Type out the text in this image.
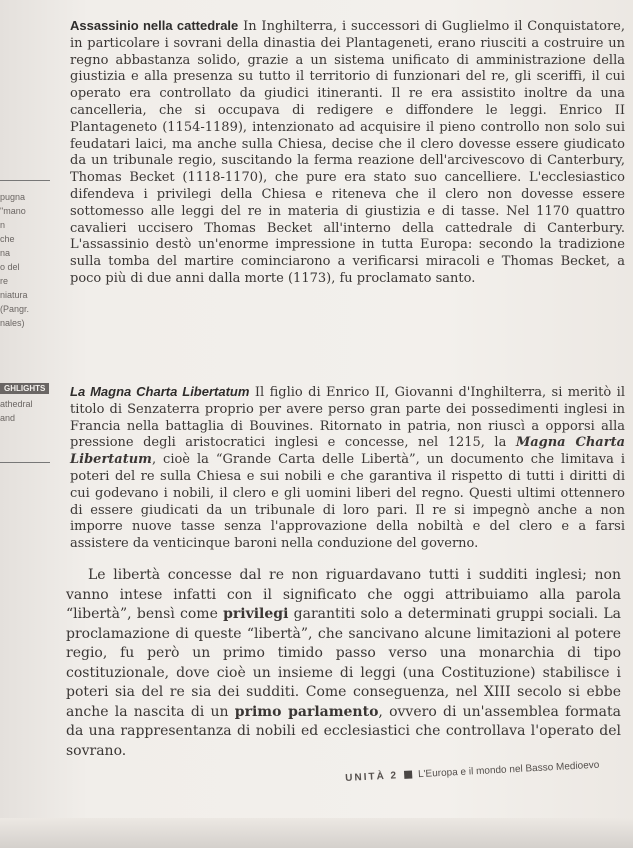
pugna
"mano
n
che
na
o del
re
niatura
(Pangr.
nales)
GHLIGHTS
athedral
and

Assassinio nella cattedrale In Inghilterra, i successori di Guglielmo il Conquistatore, in particolare i sovrani della dinastia dei Plantageneti, erano riusciti a costruire un regno abbastanza solido, grazie a un sistema unificato di amministrazione della giustizia e alla presenza su tutto il territorio di funzionari del re, gli sceriffi, il cui operato era controllato da giudici itineranti. Il re era assistito inoltre da una cancelleria, che si occupava di redigere e diffondere le leggi. Enrico II Plantageneto (1154-1189), intenzionato ad acquisire il pieno controllo non solo sui feudatari laici, ma anche sulla Chiesa, decise che il clero dovesse essere giudicato da un tribunale regio, suscitando la ferma reazione dell'arcivescovo di Canterbury, Thomas Becket (1118-1170), che pure era stato suo cancelliere. L'ecclesiastico difendeva i privilegi della Chiesa e riteneva che il clero non dovesse essere sottomesso alle leggi del re in materia di giustizia e di tasse. Nel 1170 quattro cavalieri uccisero Thomas Becket all'interno della cattedrale di Canterbury. L'assassinio destò un'enorme impressione in tutta Europa: secondo la tradizione sulla tomba del martire cominciarono a verificarsi miracoli e Thomas Becket, a poco più di due anni dalla morte (1173), fu proclamato santo.

La Magna Charta Libertatum Il figlio di Enrico II, Giovanni d'Inghilterra, si meritò il titolo di Senzaterra proprio per avere perso gran parte dei possedimenti inglesi in Francia nella battaglia di Bouvines. Ritornato in patria, non riuscì a opporsi alla pressione degli aristocratici inglesi e concesse, nel 1215, la Magna Charta Libertatum, cioè la “Grande Carta delle Libertà”, un documento che limitava i poteri del re sulla Chiesa e sui nobili e che garantiva il rispetto di tutti i diritti di cui godevano i nobili, il clero e gli uomini liberi del regno. Questi ultimi ottennero di essere giudicati da un tribunale di loro pari. Il re si impegnò anche a non imporre nuove tasse senza l'approvazione della nobiltà e del clero e a farsi assistere da venticinque baroni nella conduzione del governo.

Le libertà concesse dal re non riguardavano tutti i sudditi inglesi; non vanno intese infatti con il significato che oggi attribuiamo alla parola “libertà”, bensì come privilegi garantiti solo a determinati gruppi sociali. La proclamazione di queste “libertà”, che sancivano alcune limitazioni al potere regio, fu però un primo timido passo verso una monarchia di tipo costituzionale, dove cioè un insieme di leggi (una Costituzione) stabilisce i poteri sia del re sia dei sudditi. Come conseguenza, nel XIII secolo si ebbe anche la nascita di un primo parlamento, ovvero di un'assemblea formata da una rappresentanza di nobili ed ecclesiastici che controllava l'operato del sovrano.

UNITÀ 2 L'Europa e il mondo nel Basso Medioevo
